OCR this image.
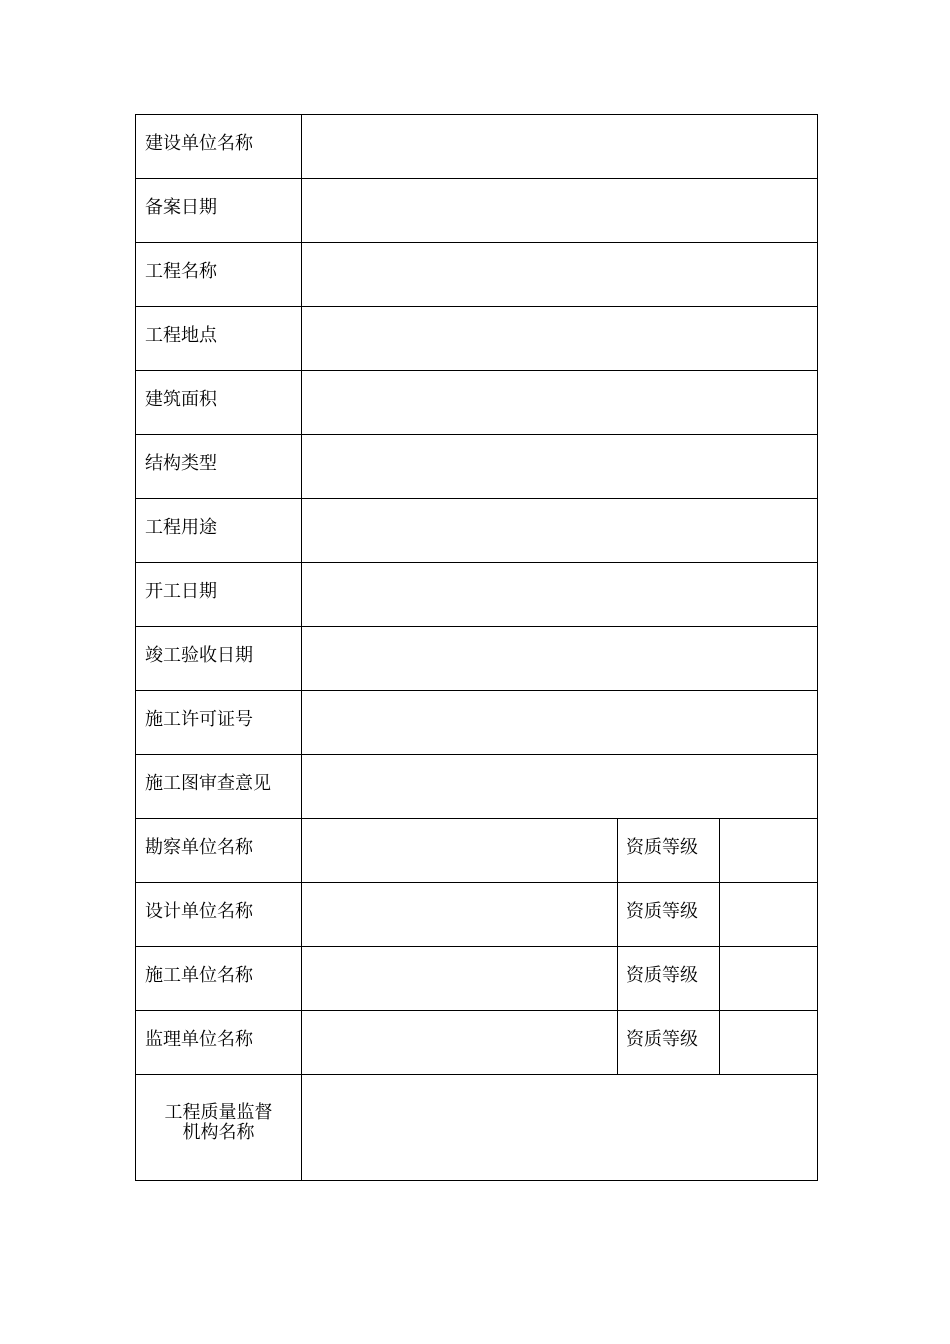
建设单位名称			
备案日期			
工程名称			
工程地点			
建筑面积			
结构类型			
工程用途			
开工日期			
竣工验收日期			
施工许可证号			
施工图审查意见			
勘察单位名称		资质等级	
设计单位名称		资质等级	
施工单位名称		资质等级	
监理单位名称		资质等级	

工程质量监督
机构名称			
